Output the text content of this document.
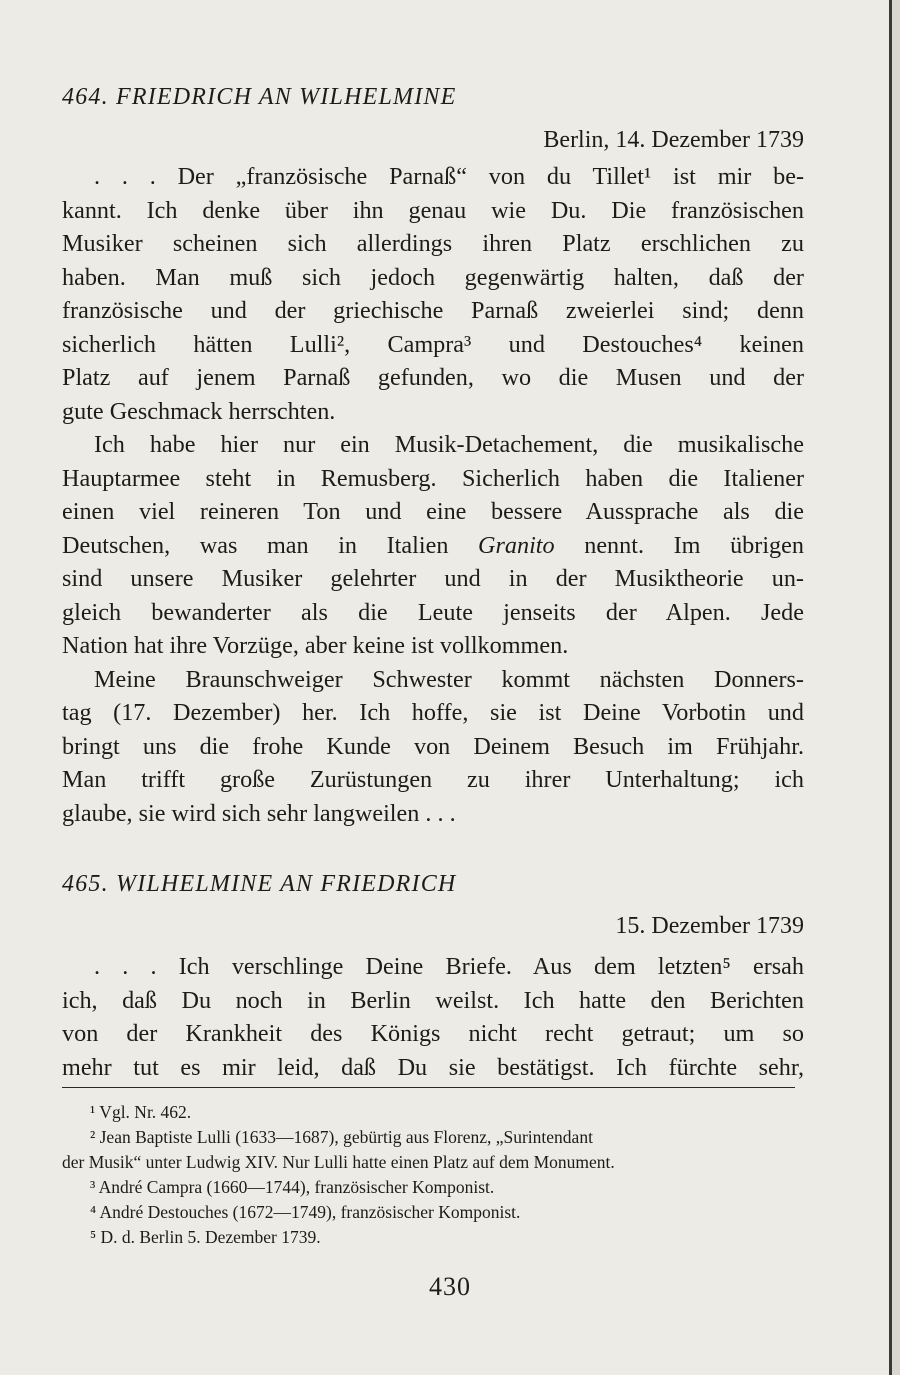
464. FRIEDRICH AN WILHELMINE
Berlin, 14. Dezember 1739
. . . Der „französische Parnaß“ von du Tillet¹ ist mir be-
kannt. Ich denke über ihn genau wie Du. Die französischen
Musiker scheinen sich allerdings ihren Platz erschlichen zu
haben. Man muß sich jedoch gegenwärtig halten, daß der
französische und der griechische Parnaß zweierlei sind; denn
sicherlich hätten Lulli², Campra³ und Destouches⁴ keinen
Platz auf jenem Parnaß gefunden, wo die Musen und der
gute Geschmack herrschten.
Ich habe hier nur ein Musik-Detachement, die musikalische
Hauptarmee steht in Remusberg. Sicherlich haben die Italiener
einen viel reineren Ton und eine bessere Aussprache als die
Deutschen, was man in Italien Granito nennt. Im übrigen
sind unsere Musiker gelehrter und in der Musiktheorie un-
gleich bewanderter als die Leute jenseits der Alpen. Jede
Nation hat ihre Vorzüge, aber keine ist vollkommen.
Meine Braunschweiger Schwester kommt nächsten Donners-
tag (17. Dezember) her. Ich hoffe, sie ist Deine Vorbotin und
bringt uns die frohe Kunde von Deinem Besuch im Frühjahr.
Man trifft große Zurüstungen zu ihrer Unterhaltung; ich
glaube, sie wird sich sehr langweilen . . .
465. WILHELMINE AN FRIEDRICH
15. Dezember 1739
. . . Ich verschlinge Deine Briefe. Aus dem letzten⁵ ersah
ich, daß Du noch in Berlin weilst. Ich hatte den Berichten
von der Krankheit des Königs nicht recht getraut; um so
mehr tut es mir leid, daß Du sie bestätigst. Ich fürchte sehr,
¹ Vgl. Nr. 462.
² Jean Baptiste Lulli (1633—1687), gebürtig aus Florenz, „Surintendant
der Musik“ unter Ludwig XIV. Nur Lulli hatte einen Platz auf dem Monument.
³ André Campra (1660—1744), französischer Komponist.
⁴ André Destouches (1672—1749), französischer Komponist.
⁵ D. d. Berlin 5. Dezember 1739.
430
